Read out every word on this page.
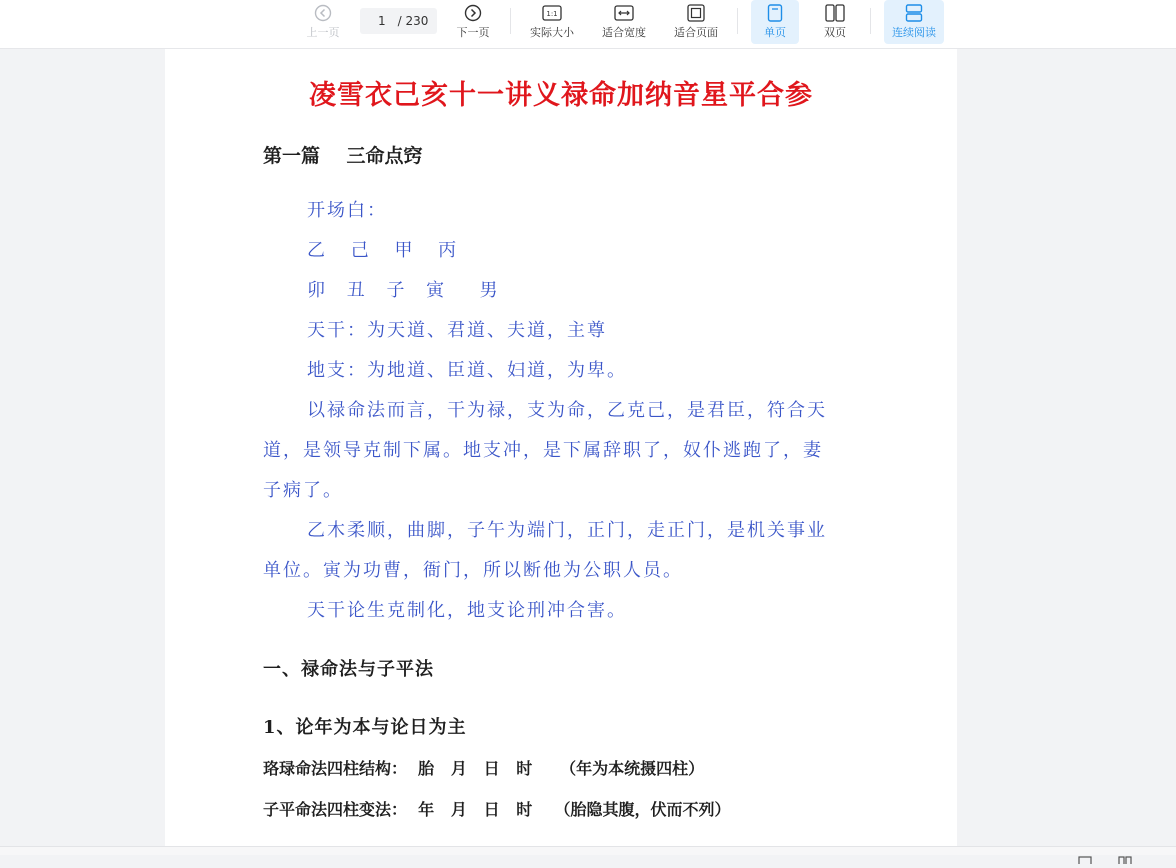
上一页
1 / 230
下一页
1:1
实际大小	适合宽度	适合页面	单页	双页	连续阅读
凌雪衣己亥十一讲义禄命加纳音星平合参
第一篇    三命点窍
开场白：
乙 己 甲 丙
卯 丑 子 寅  男
天干：为天道、君道、夫道，主尊
地支：为地道、臣道、妇道，为卑。
以禄命法而言，干为禄，支为命，乙克己，是君臣，符合天
道，是领导克制下属。地支冲，是下属辞职了，奴仆逃跑了，妻
子病了。
乙木柔顺，曲脚，子午为端门，正门，走正门，是机关事业
单位。寅为功曹，衙门，所以断他为公职人员。
天干论生克制化，地支论刑冲合害。
一、禄命法与子平法
1、论年为本与论日为主
珞琭命法四柱结构：  胎   月   日   时     （年为本统摄四柱）
子平命法四柱变法：  年   月   日   时    （胎隐其腹，伏而不列）
